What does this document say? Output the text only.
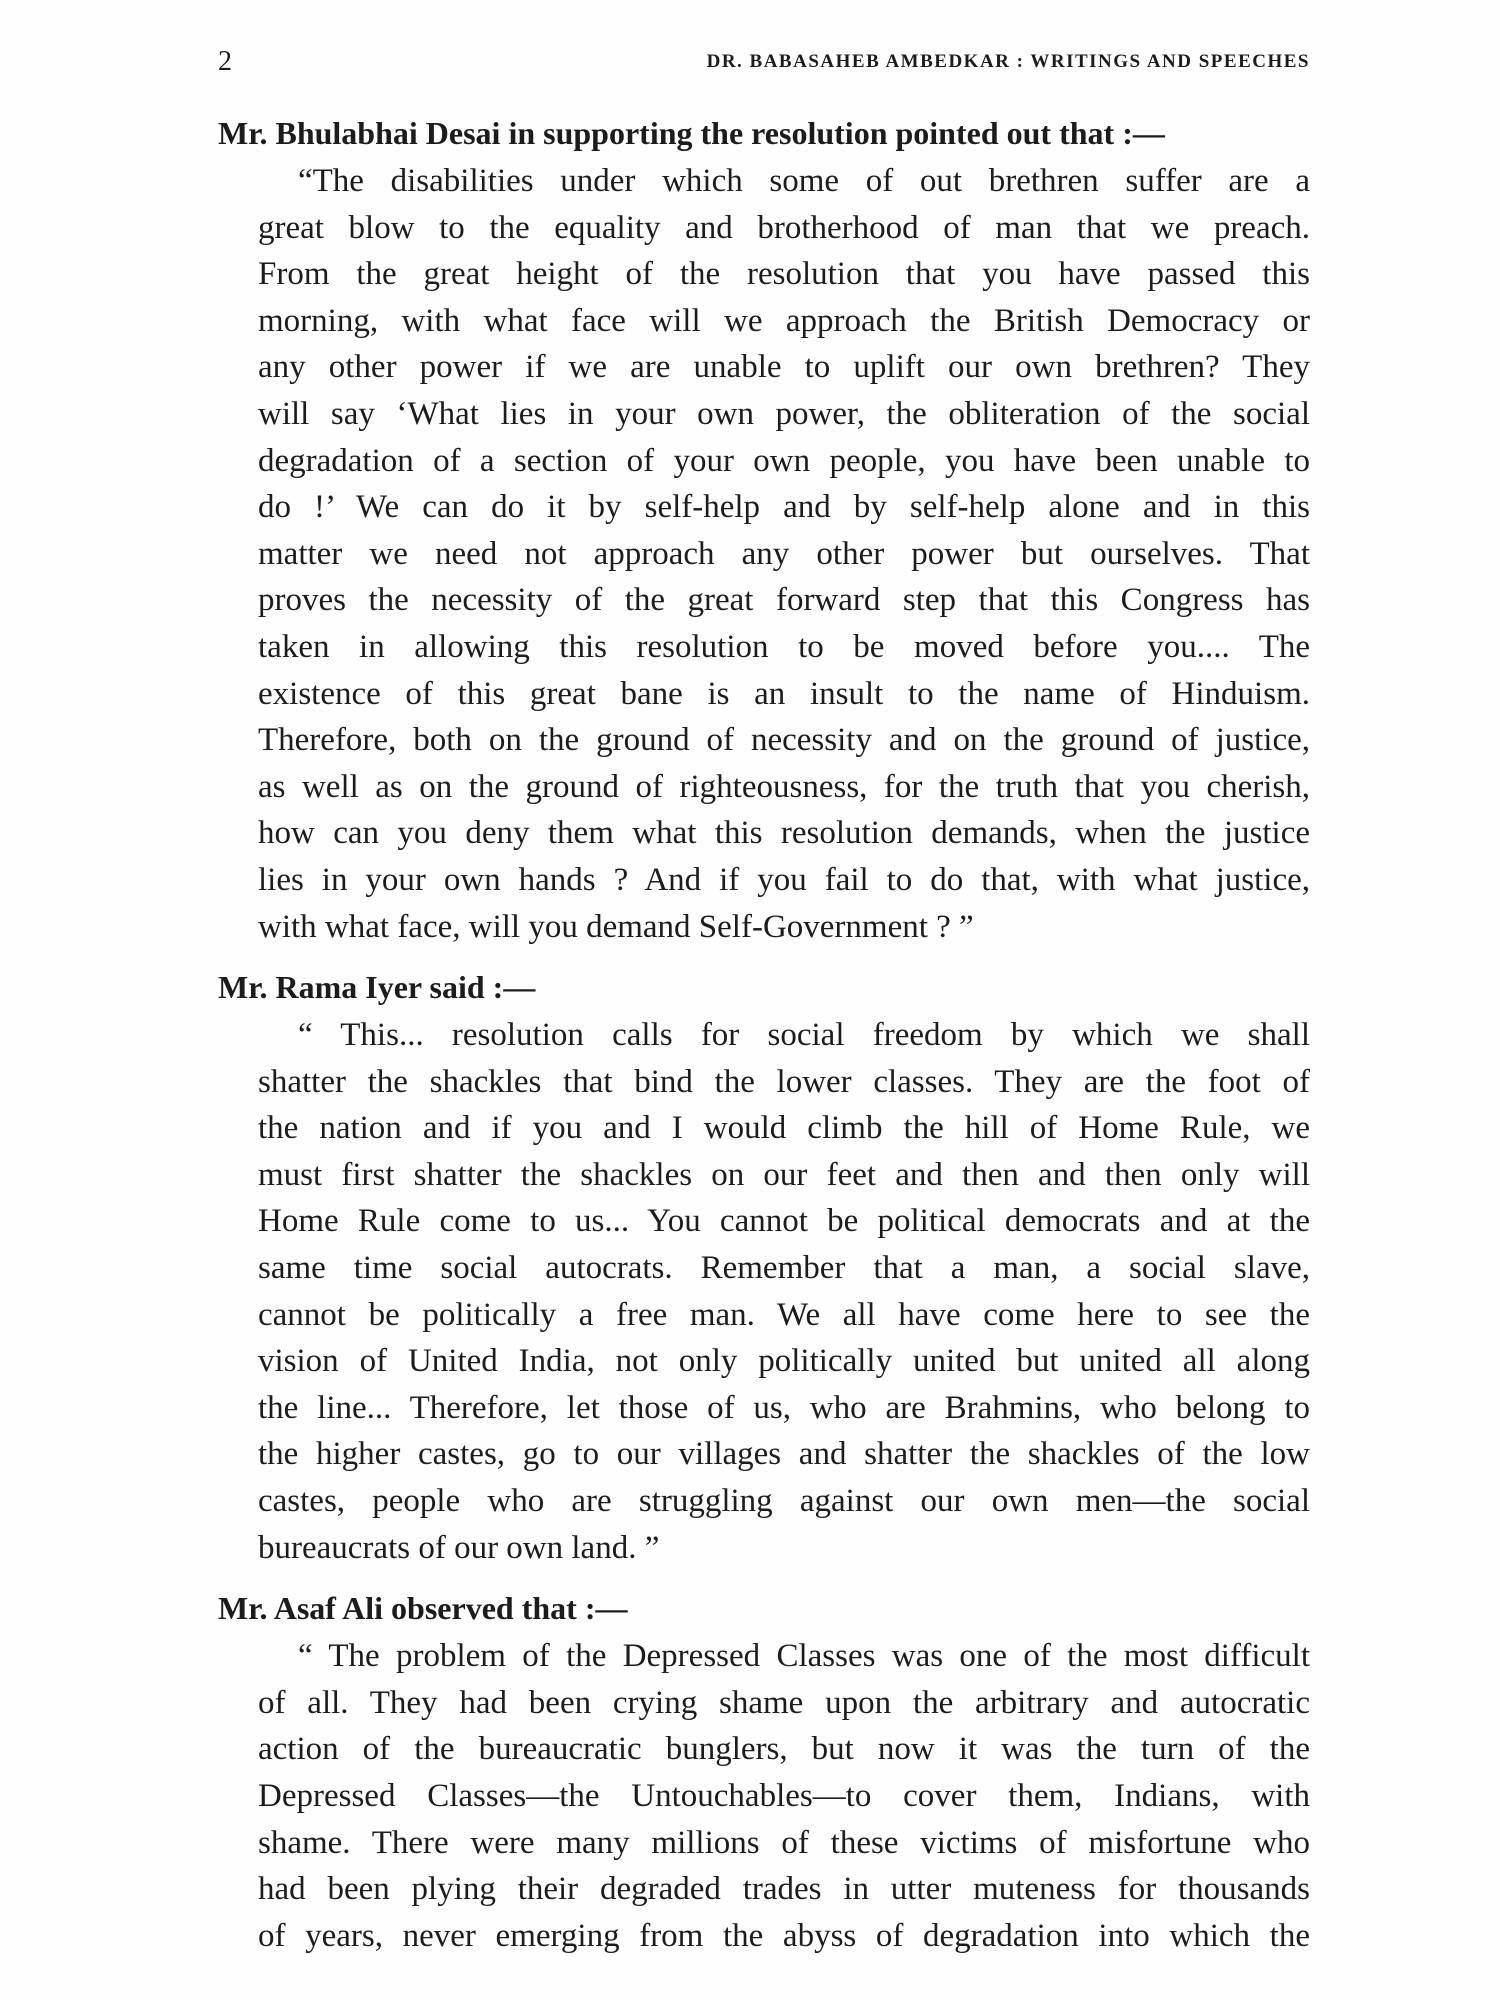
2	DR. BABASAHEB AMBEDKAR : WRITINGS AND SPEECHES
Mr. Bhulabhai Desai in supporting the resolution pointed out that :—
“The disabilities under which some of out brethren suffer are a
great blow to the equality and brotherhood of man that we preach.
From the great height of the resolution that you have passed this
morning, with what face will we approach the British Democracy or
any other power if we are unable to uplift our own brethren? They
will say ‘What lies in your own power, the obliteration of the social
degradation of a section of your own people, you have been unable to
do !’ We can do it by self-help and by self-help alone and in this
matter we need not approach any other power but ourselves. That
proves the necessity of the great forward step that this Congress has
taken in allowing this resolution to be moved before you.... The
existence of this great bane is an insult to the name of Hinduism.
Therefore, both on the ground of necessity and on the ground of justice,
as well as on the ground of righteousness, for the truth that you cherish,
how can you deny them what this resolution demands, when the justice
lies in your own hands ? And if you fail to do that, with what justice,
with what face, will you demand Self-Government ? ”
Mr. Rama Iyer said :—
“ This... resolution calls for social freedom by which we shall
shatter the shackles that bind the lower classes. They are the foot of
the nation and if you and I would climb the hill of Home Rule, we
must first shatter the shackles on our feet and then and then only will
Home Rule come to us... You cannot be political democrats and at the
same time social autocrats. Remember that a man, a social slave,
cannot be politically a free man. We all have come here to see the
vision of United India, not only politically united but united all along
the line... Therefore, let those of us, who are Brahmins, who belong to
the higher castes, go to our villages and shatter the shackles of the low
castes, people who are struggling against our own men—the social
bureaucrats of our own land. ”
Mr. Asaf Ali observed that :—
“ The problem of the Depressed Classes was one of the most difficult
of all. They had been crying shame upon the arbitrary and autocratic
action of the bureaucratic bunglers, but now it was the turn of the
Depressed Classes—the Untouchables—to cover them, Indians, with
shame. There were many millions of these victims of misfortune who
had been plying their degraded trades in utter muteness for thousands
of years, never emerging from the abyss of degradation into which the
